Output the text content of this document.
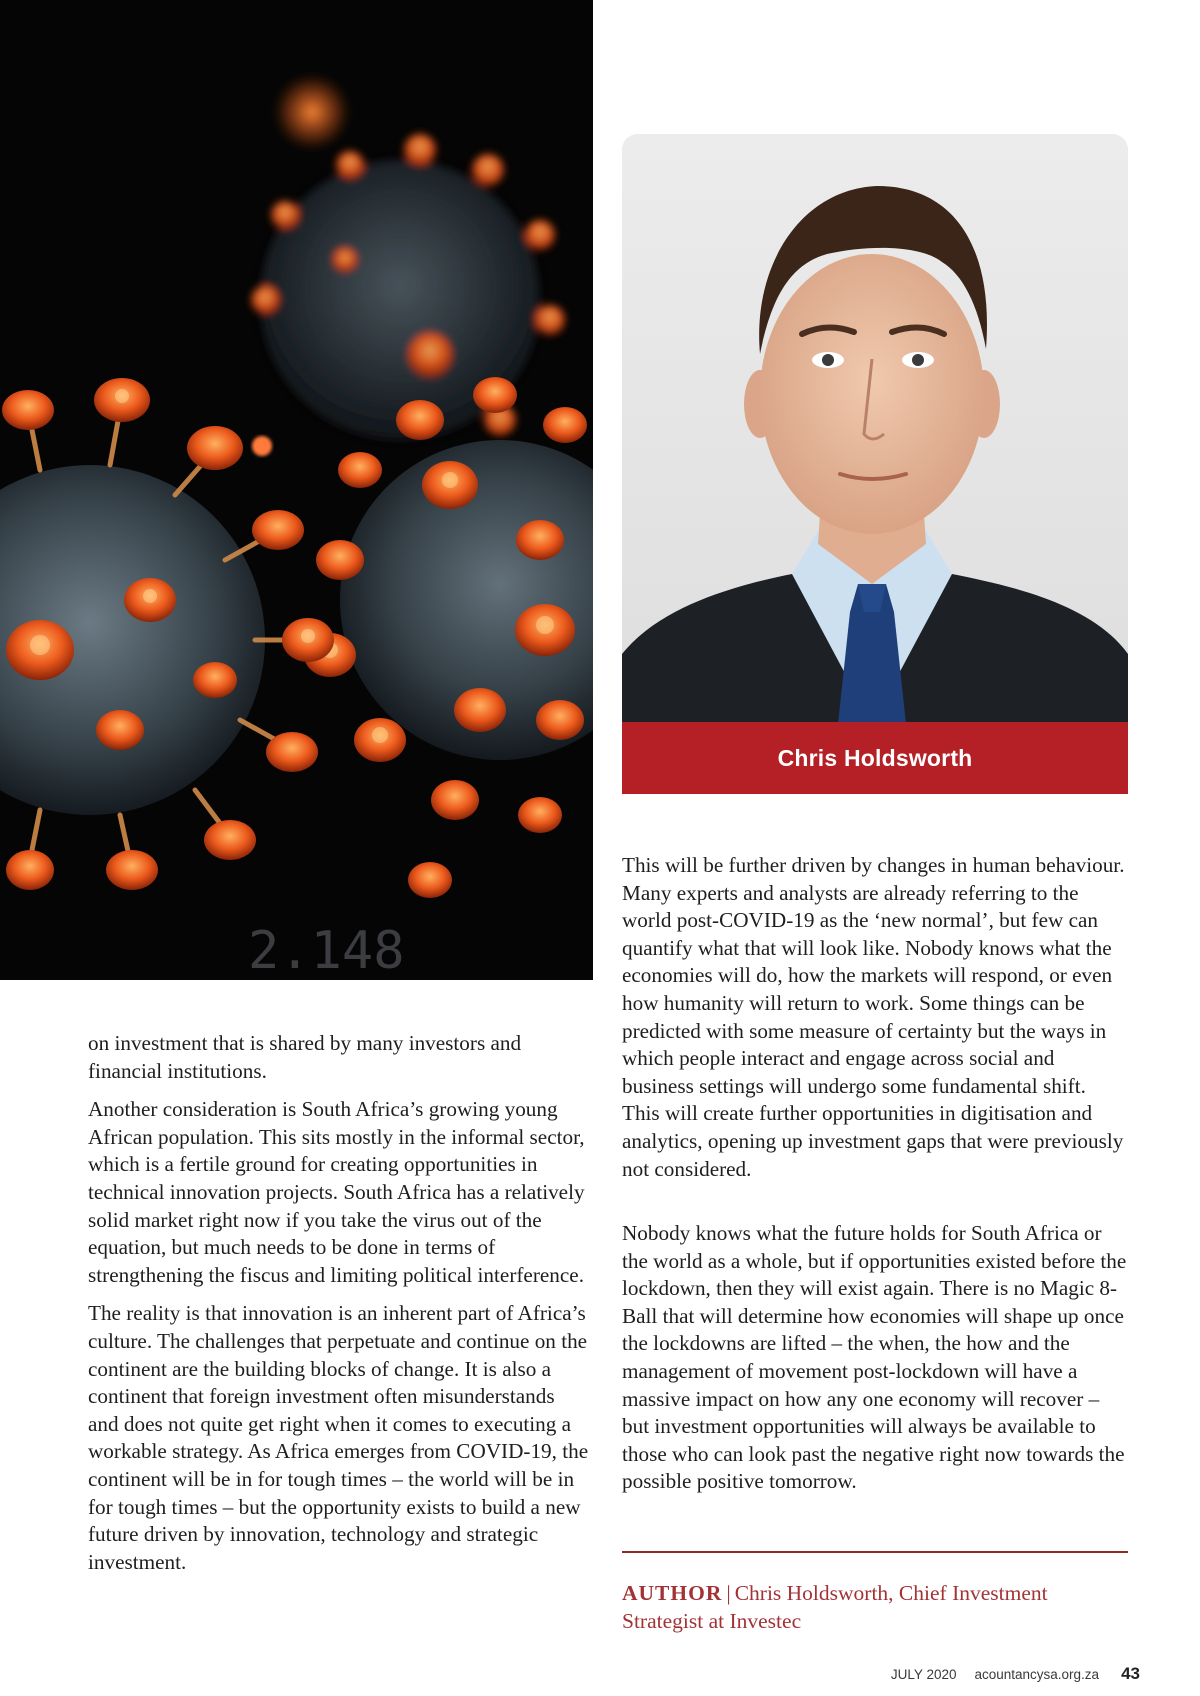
2.148
Chris Holdsworth

on investment that is shared by many investors and financial institutions.

Another consideration is South Africa’s growing young African population. This sits mostly in the informal sector, which is a fertile ground for creating opportunities in technical innovation projects. South Africa has a relatively solid market right now if you take the virus out of the equation, but much needs to be done in terms of strengthening the fiscus and limiting political interference.

The reality is that innovation is an inherent part of Africa’s culture. The challenges that perpetuate and continue on the continent are the building blocks of change. It is also a continent that foreign investment often misunderstands and does not quite get right when it comes to executing a workable strategy. As Africa emerges from COVID-19, the continent will be in for tough times – the world will be in for tough times – but the opportunity exists to build a new future driven by innovation, technology and strategic investment.

This will be further driven by changes in human behaviour. Many experts and analysts are already referring to the world post-COVID-19 as the ‘new normal’, but few can quantify what that will look like. Nobody knows what the economies will do, how the markets will respond, or even how humanity will return to work. Some things can be predicted with some measure of certainty but the ways in which people interact and engage across social and business settings will undergo some fundamental shift. This will create further opportunities in digitisation and analytics, opening up investment gaps that were previously not considered.

Nobody knows what the future holds for South Africa or the world as a whole, but if opportunities existed before the lockdown, then they will exist again. There is no Magic 8-Ball that will determine how economies will shape up once the lockdowns are lifted – the when, the how and the management of movement post-lockdown will have a massive impact on how any one economy will recover – but investment opportunities will always be available to those who can look past the negative right now towards the possible positive tomorrow.

AUTHOR | Chris Holdsworth, Chief Investment Strategist at Investec
JULY 2020 acountancysa.org.za 43
